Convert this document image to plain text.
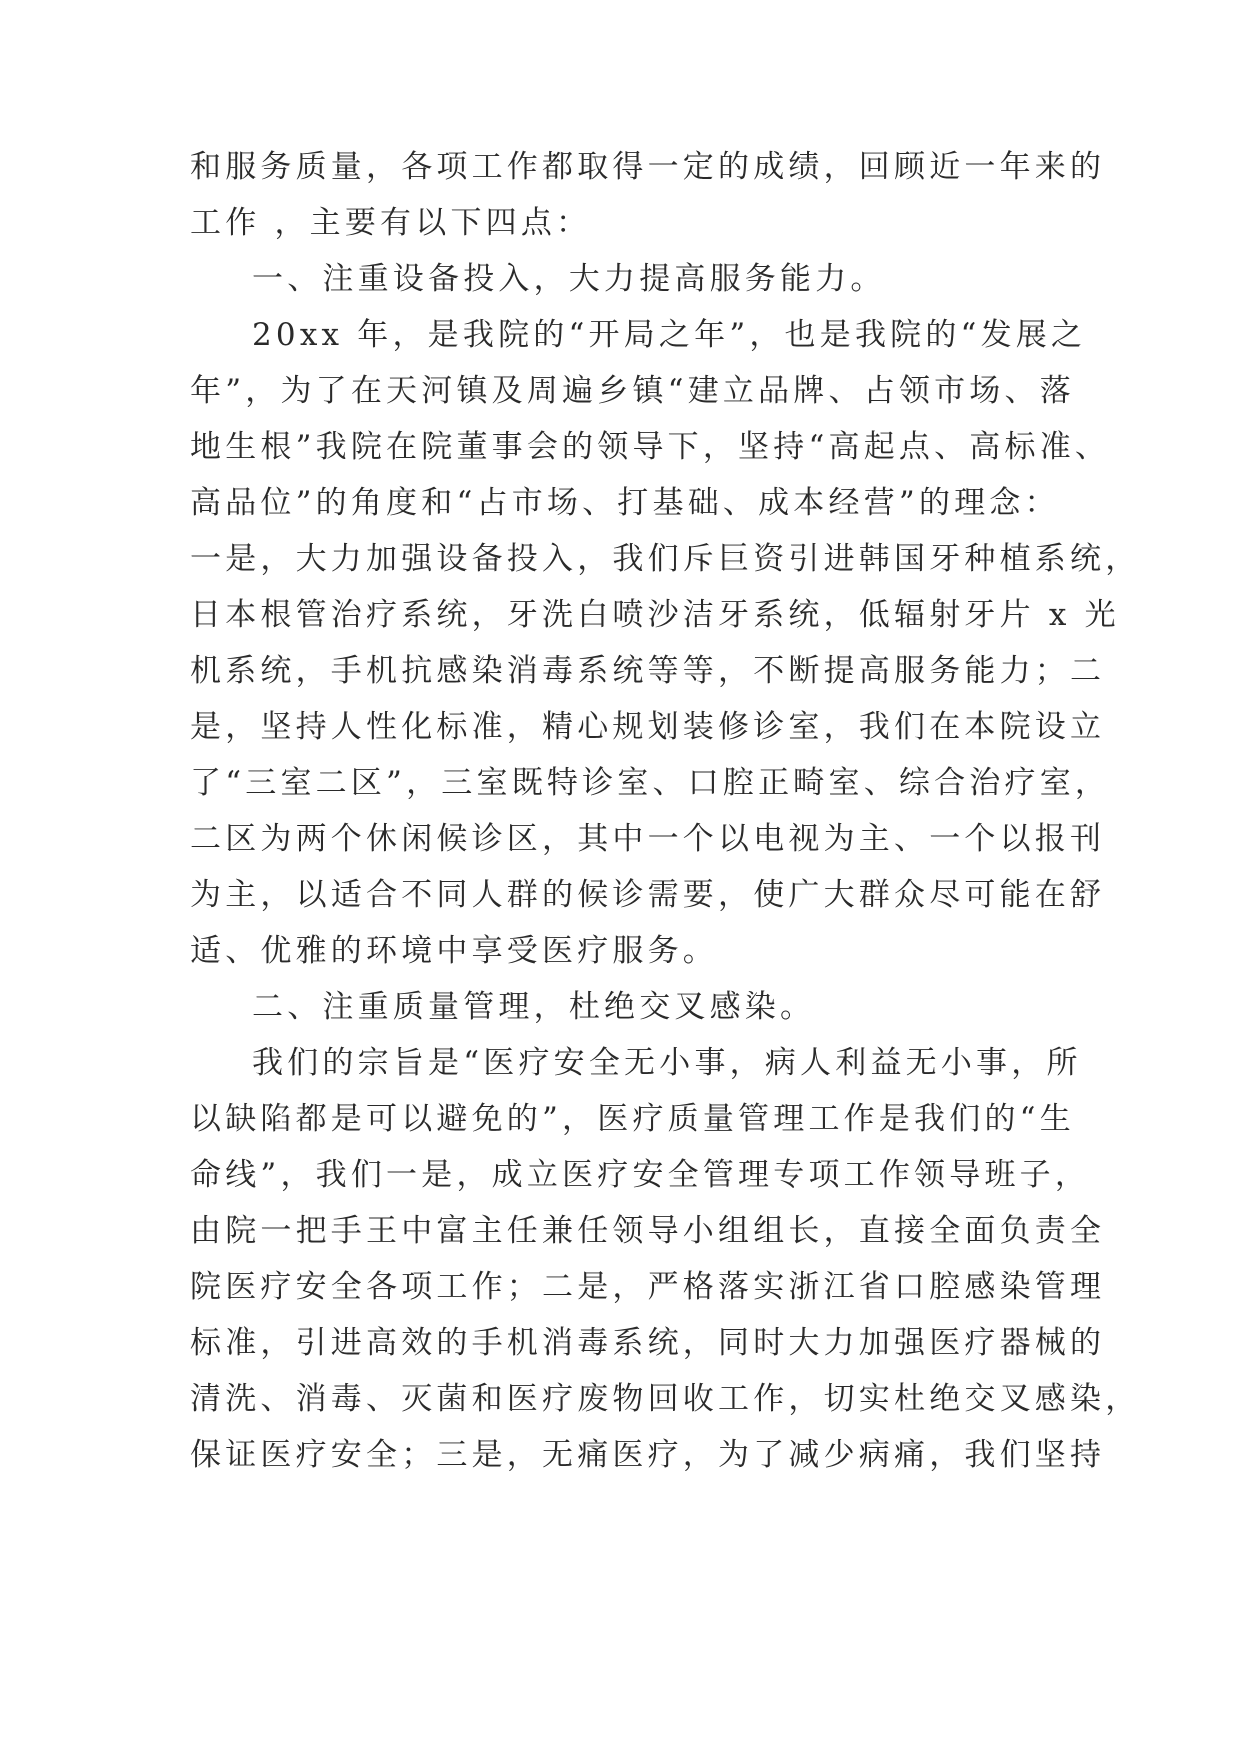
和服务质量，各项工作都取得一定的成绩，回顾近一年来的
工作 ，主要有以下四点：
一、注重设备投入，大力提高服务能力。
20xx 年，是我院的“开局之年”，也是我院的“发展之
年”，为了在天河镇及周遍乡镇“建立品牌、占领市场、落
地生根”我院在院董事会的领导下，坚持“高起点、高标准、
高品位”的角度和“占市场、打基础、成本经营”的理念：
一是，大力加强设备投入，我们斥巨资引进韩国牙种植系统，
日本根管治疗系统，牙洗白喷沙洁牙系统，低辐射牙片 x 光
机系统，手机抗感染消毒系统等等，不断提高服务能力；二
是，坚持人性化标准，精心规划装修诊室，我们在本院设立
了“三室二区”，三室既特诊室、口腔正畸室、综合治疗室，
二区为两个休闲候诊区，其中一个以电视为主、一个以报刊
为主，以适合不同人群的候诊需要，使广大群众尽可能在舒
适、优雅的环境中享受医疗服务。
二、注重质量管理，杜绝交叉感染。
我们的宗旨是“医疗安全无小事，病人利益无小事，所
以缺陷都是可以避免的”，医疗质量管理工作是我们的“生
命线”，我们一是，成立医疗安全管理专项工作领导班子，
由院一把手王中富主任兼任领导小组组长，直接全面负责全
院医疗安全各项工作；二是，严格落实浙江省口腔感染管理
标准，引进高效的手机消毒系统，同时大力加强医疗器械的
清洗、消毒、灭菌和医疗废物回收工作，切实杜绝交叉感染，
保证医疗安全；三是，无痛医疗，为了减少病痛，我们坚持
